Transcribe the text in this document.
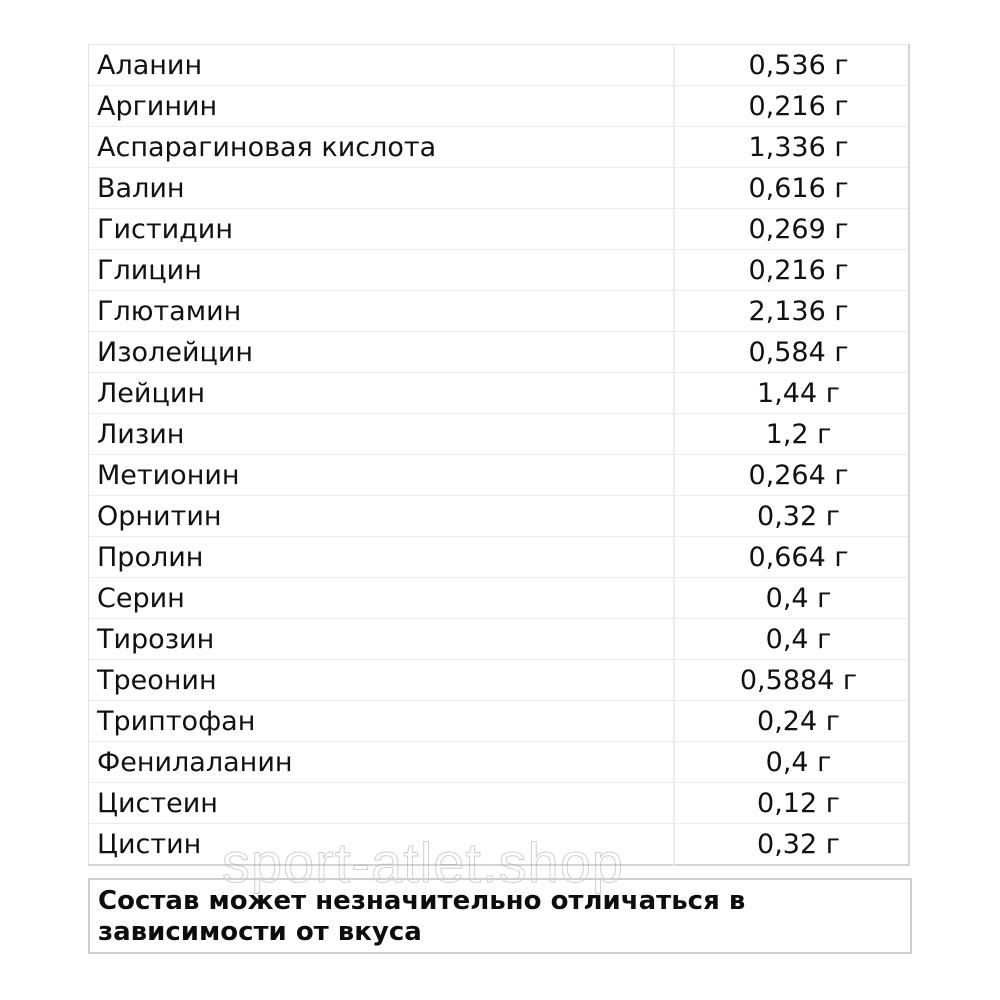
Аланин	0,536 г
Аргинин	0,216 г
Аспарагиновая кислота	1,336 г
Валин	0,616 г
Гистидин	0,269 г
Глицин	0,216 г
Глютамин	2,136 г
Изолейцин	0,584 г
Лейцин	1,44 г
Лизин	1,2 г
Метионин	0,264 г
Орнитин	0,32 г
Пролин	0,664 г
Серин	0,4 г
Тирозин	0,4 г
Треонин	0,5884 г
Триптофан	0,24 г
Фенилаланин	0,4 г
Цистеин	0,12 г
Цистин	0,32 г
sport-atlet.shop
Состав может незначительно отличаться в зависимости от вкуса
